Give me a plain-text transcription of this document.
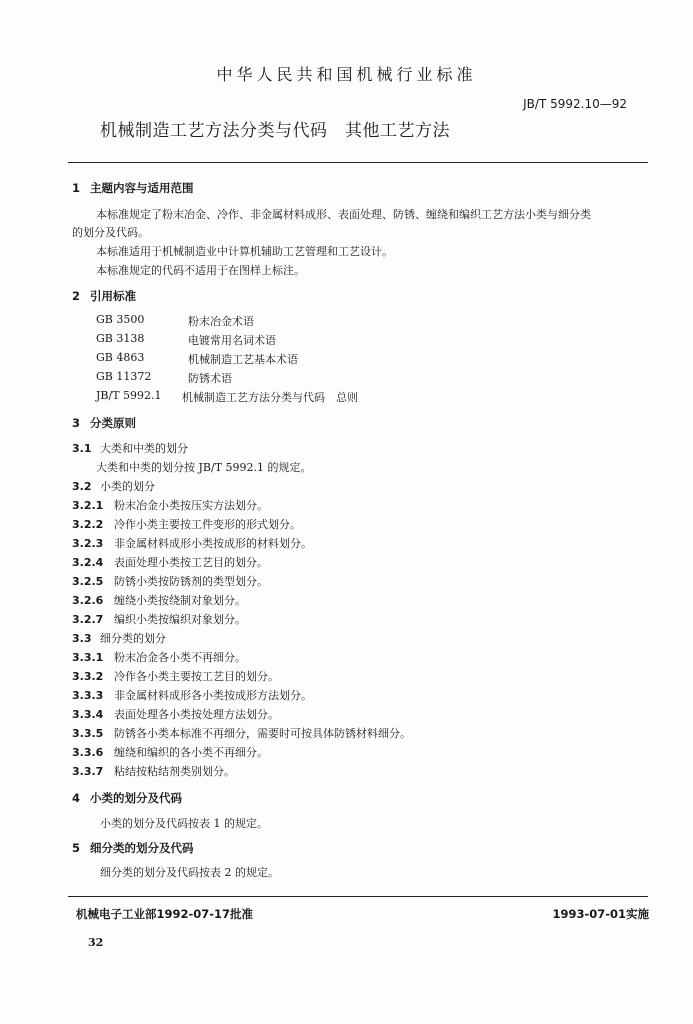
中华人民共和国机械行业标准
JB/T 5992.10—92
机械制造工艺方法分类与代码　其他工艺方法
1 主题内容与适用范围
本标准规定了粉末冶金、冷作、非金属材料成形、表面处理、防锈、缠绕和编织工艺方法小类与细分类
的划分及代码。
本标准适用于机械制造业中计算机辅助工艺管理和工艺设计。
本标准规定的代码不适用于在图样上标注。
2 引用标准
GB 3500	粉末冶金术语
GB 3138	电镀常用名词术语
GB 4863	机械制造工艺基本术语
GB 11372	防锈术语
JB/T 5992.1 机械制造工艺方法分类与代码　总则
3 分类原则
3.1 大类和中类的划分
大类和中类的划分按 JB/T 5992.1 的规定。
3.2 小类的划分
3.2.1 粉末冶金小类按压实方法划分。
3.2.2 冷作小类主要按工件变形的形式划分。
3.2.3 非金属材料成形小类按成形的材料划分。
3.2.4 表面处理小类按工艺目的划分。
3.2.5 防锈小类按防锈剂的类型划分。
3.2.6 缠绕小类按绕制对象划分。
3.2.7 编织小类按编织对象划分。
3.3 细分类的划分
3.3.1 粉末冶金各小类不再细分。
3.3.2 冷作各小类主要按工艺目的划分。
3.3.3 非金属材料成形各小类按成形方法划分。
3.3.4 表面处理各小类按处理方法划分。
3.3.5 防锈各小类本标准不再细分，需要时可按具体防锈材料细分。
3.3.6 缠绕和编织的各小类不再细分。
3.3.7 粘结按粘结剂类别划分。
4 小类的划分及代码
小类的划分及代码按表 1 的规定。
5 细分类的划分及代码
细分类的划分及代码按表 2 的规定。
机械电子工业部1992-07-17批准	1993-07-01实施
32
